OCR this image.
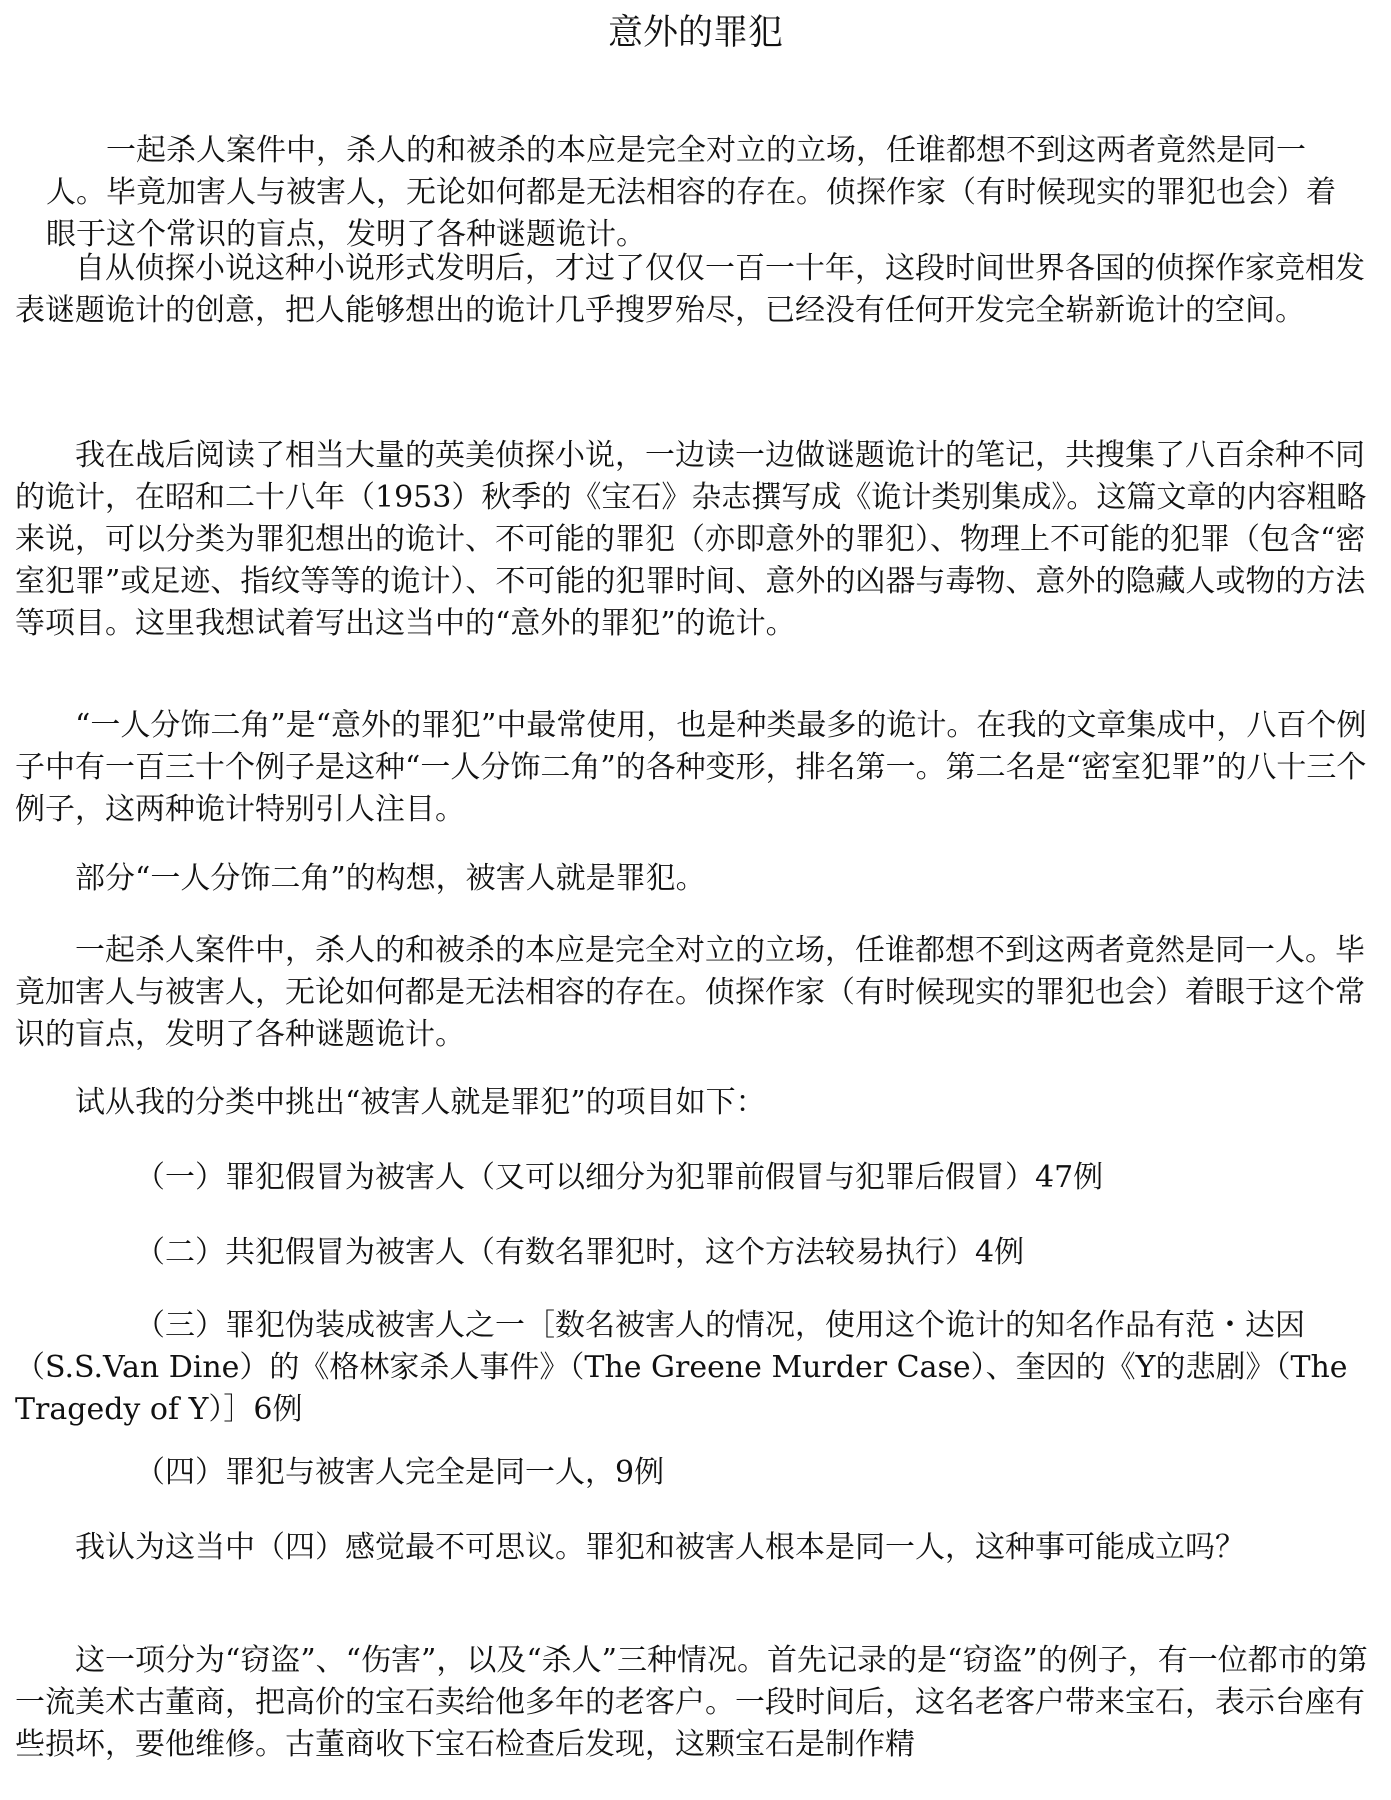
意外的罪犯

一起杀人案件中，杀人的和被杀的本应是完全对立的立场，任谁都想不到这两者竟然是同一人。毕竟加害人与被害人，无论如何都是无法相容的存在。侦探作家（有时候现实的罪犯也会）着眼于这个常识的盲点，发明了各种谜题诡计。

自从侦探小说这种小说形式发明后，才过了仅仅一百一十年，这段时间世界各国的侦探作家竞相发表谜题诡计的创意，把人能够想出的诡计几乎搜罗殆尽，已经没有任何开发完全崭新诡计的空间。

我在战后阅读了相当大量的英美侦探小说，一边读一边做谜题诡计的笔记，共搜集了八百余种不同的诡计，在昭和二十八年（1953）秋季的《宝石》杂志撰写成《诡计类别集成》。这篇文章的内容粗略来说，可以分类为罪犯想出的诡计、不可能的罪犯（亦即意外的罪犯）、物理上不可能的犯罪（包含“密室犯罪”或足迹、指纹等等的诡计）、不可能的犯罪时间、意外的凶器与毒物、意外的隐藏人或物的方法等项目。这里我想试着写出这当中的“意外的罪犯”的诡计。

“一人分饰二角”是“意外的罪犯”中最常使用，也是种类最多的诡计。在我的文章集成中，八百个例子中有一百三十个例子是这种“一人分饰二角”的各种变形，排名第一。第二名是“密室犯罪”的八十三个例子，这两种诡计特别引人注目。

部分“一人分饰二角”的构想，被害人就是罪犯。

一起杀人案件中，杀人的和被杀的本应是完全对立的立场，任谁都想不到这两者竟然是同一人。毕竟加害人与被害人，无论如何都是无法相容的存在。侦探作家（有时候现实的罪犯也会）着眼于这个常识的盲点，发明了各种谜题诡计。

试从我的分类中挑出“被害人就是罪犯”的项目如下：

（一）罪犯假冒为被害人（又可以细分为犯罪前假冒与犯罪后假冒）47例

（二）共犯假冒为被害人（有数名罪犯时，这个方法较易执行）4例

（三）罪犯伪装成被害人之一［数名被害人的情况，使用这个诡计的知名作品有范・达因（S.S.Van Dine）的《格林家杀人事件》（The Greene Murder Case）、奎因的《Y的悲剧》（The Tragedy of Y）］6例

（四）罪犯与被害人完全是同一人，9例

我认为这当中（四）感觉最不可思议。罪犯和被害人根本是同一人，这种事可能成立吗？

这一项分为“窃盗”、“伤害”，以及“杀人”三种情况。首先记录的是“窃盗”的例子，有一位都市的第一流美术古董商，把高价的宝石卖给他多年的老客户。一段时间后，这名老客户带来宝石，表示台座有些损坏，要他维修。古董商收下宝石检查后发现，这颗宝石是制作精
